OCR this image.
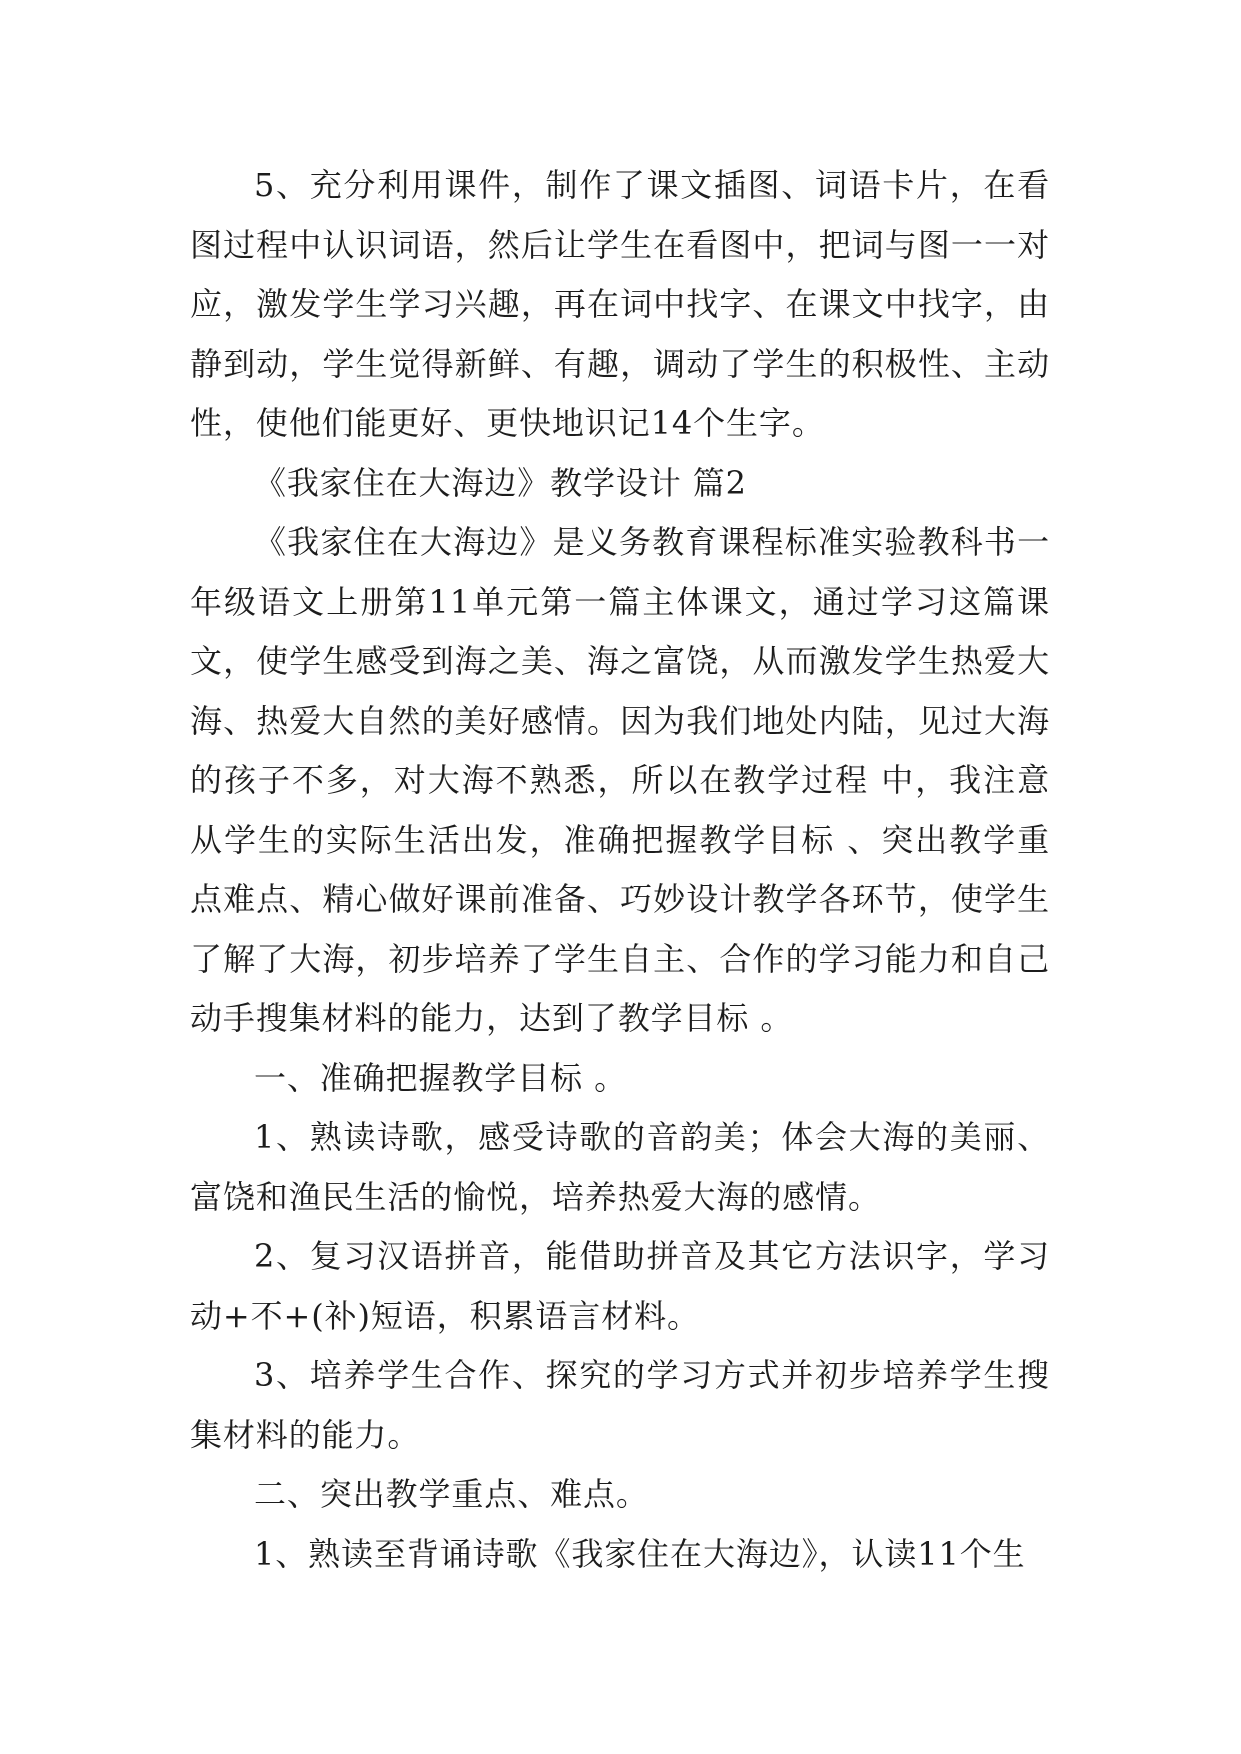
5、充分利用课件，制作了课文插图、词语卡片，在看图过程中认识词语，然后让学生在看图中，把词与图一一对应，激发学生学习兴趣，再在词中找字、在课文中找字，由静到动，学生觉得新鲜、有趣，调动了学生的积极性、主动性，使他们能更好、更快地识记14个生字。

《我家住在大海边》教学设计 篇2

《我家住在大海边》是义务教育课程标准实验教科书一年级语文上册第11单元第一篇主体课文，通过学习这篇课文，使学生感受到海之美、海之富饶，从而激发学生热爱大海、热爱大自然的美好感情。因为我们地处内陆，见过大海的孩子不多，对大海不熟悉，所以在教学过程 中，我注意从学生的实际生活出发，准确把握教学目标 、突出教学重点难点、精心做好课前准备、巧妙设计教学各环节，使学生了解了大海，初步培养了学生自主、合作的学习能力和自己动手搜集材料的能力，达到了教学目标 。

一、准确把握教学目标 。

1、熟读诗歌，感受诗歌的音韵美；体会大海的美丽、富饶和渔民生活的愉悦，培养热爱大海的感情。

2、复习汉语拼音，能借助拼音及其它方法识字，学习动+不+(补)短语，积累语言材料。

3、培养学生合作、探究的学习方式并初步培养学生搜集材料的能力。

二、突出教学重点、难点。

1、熟读至背诵诗歌《我家住在大海边》，认读11个生
